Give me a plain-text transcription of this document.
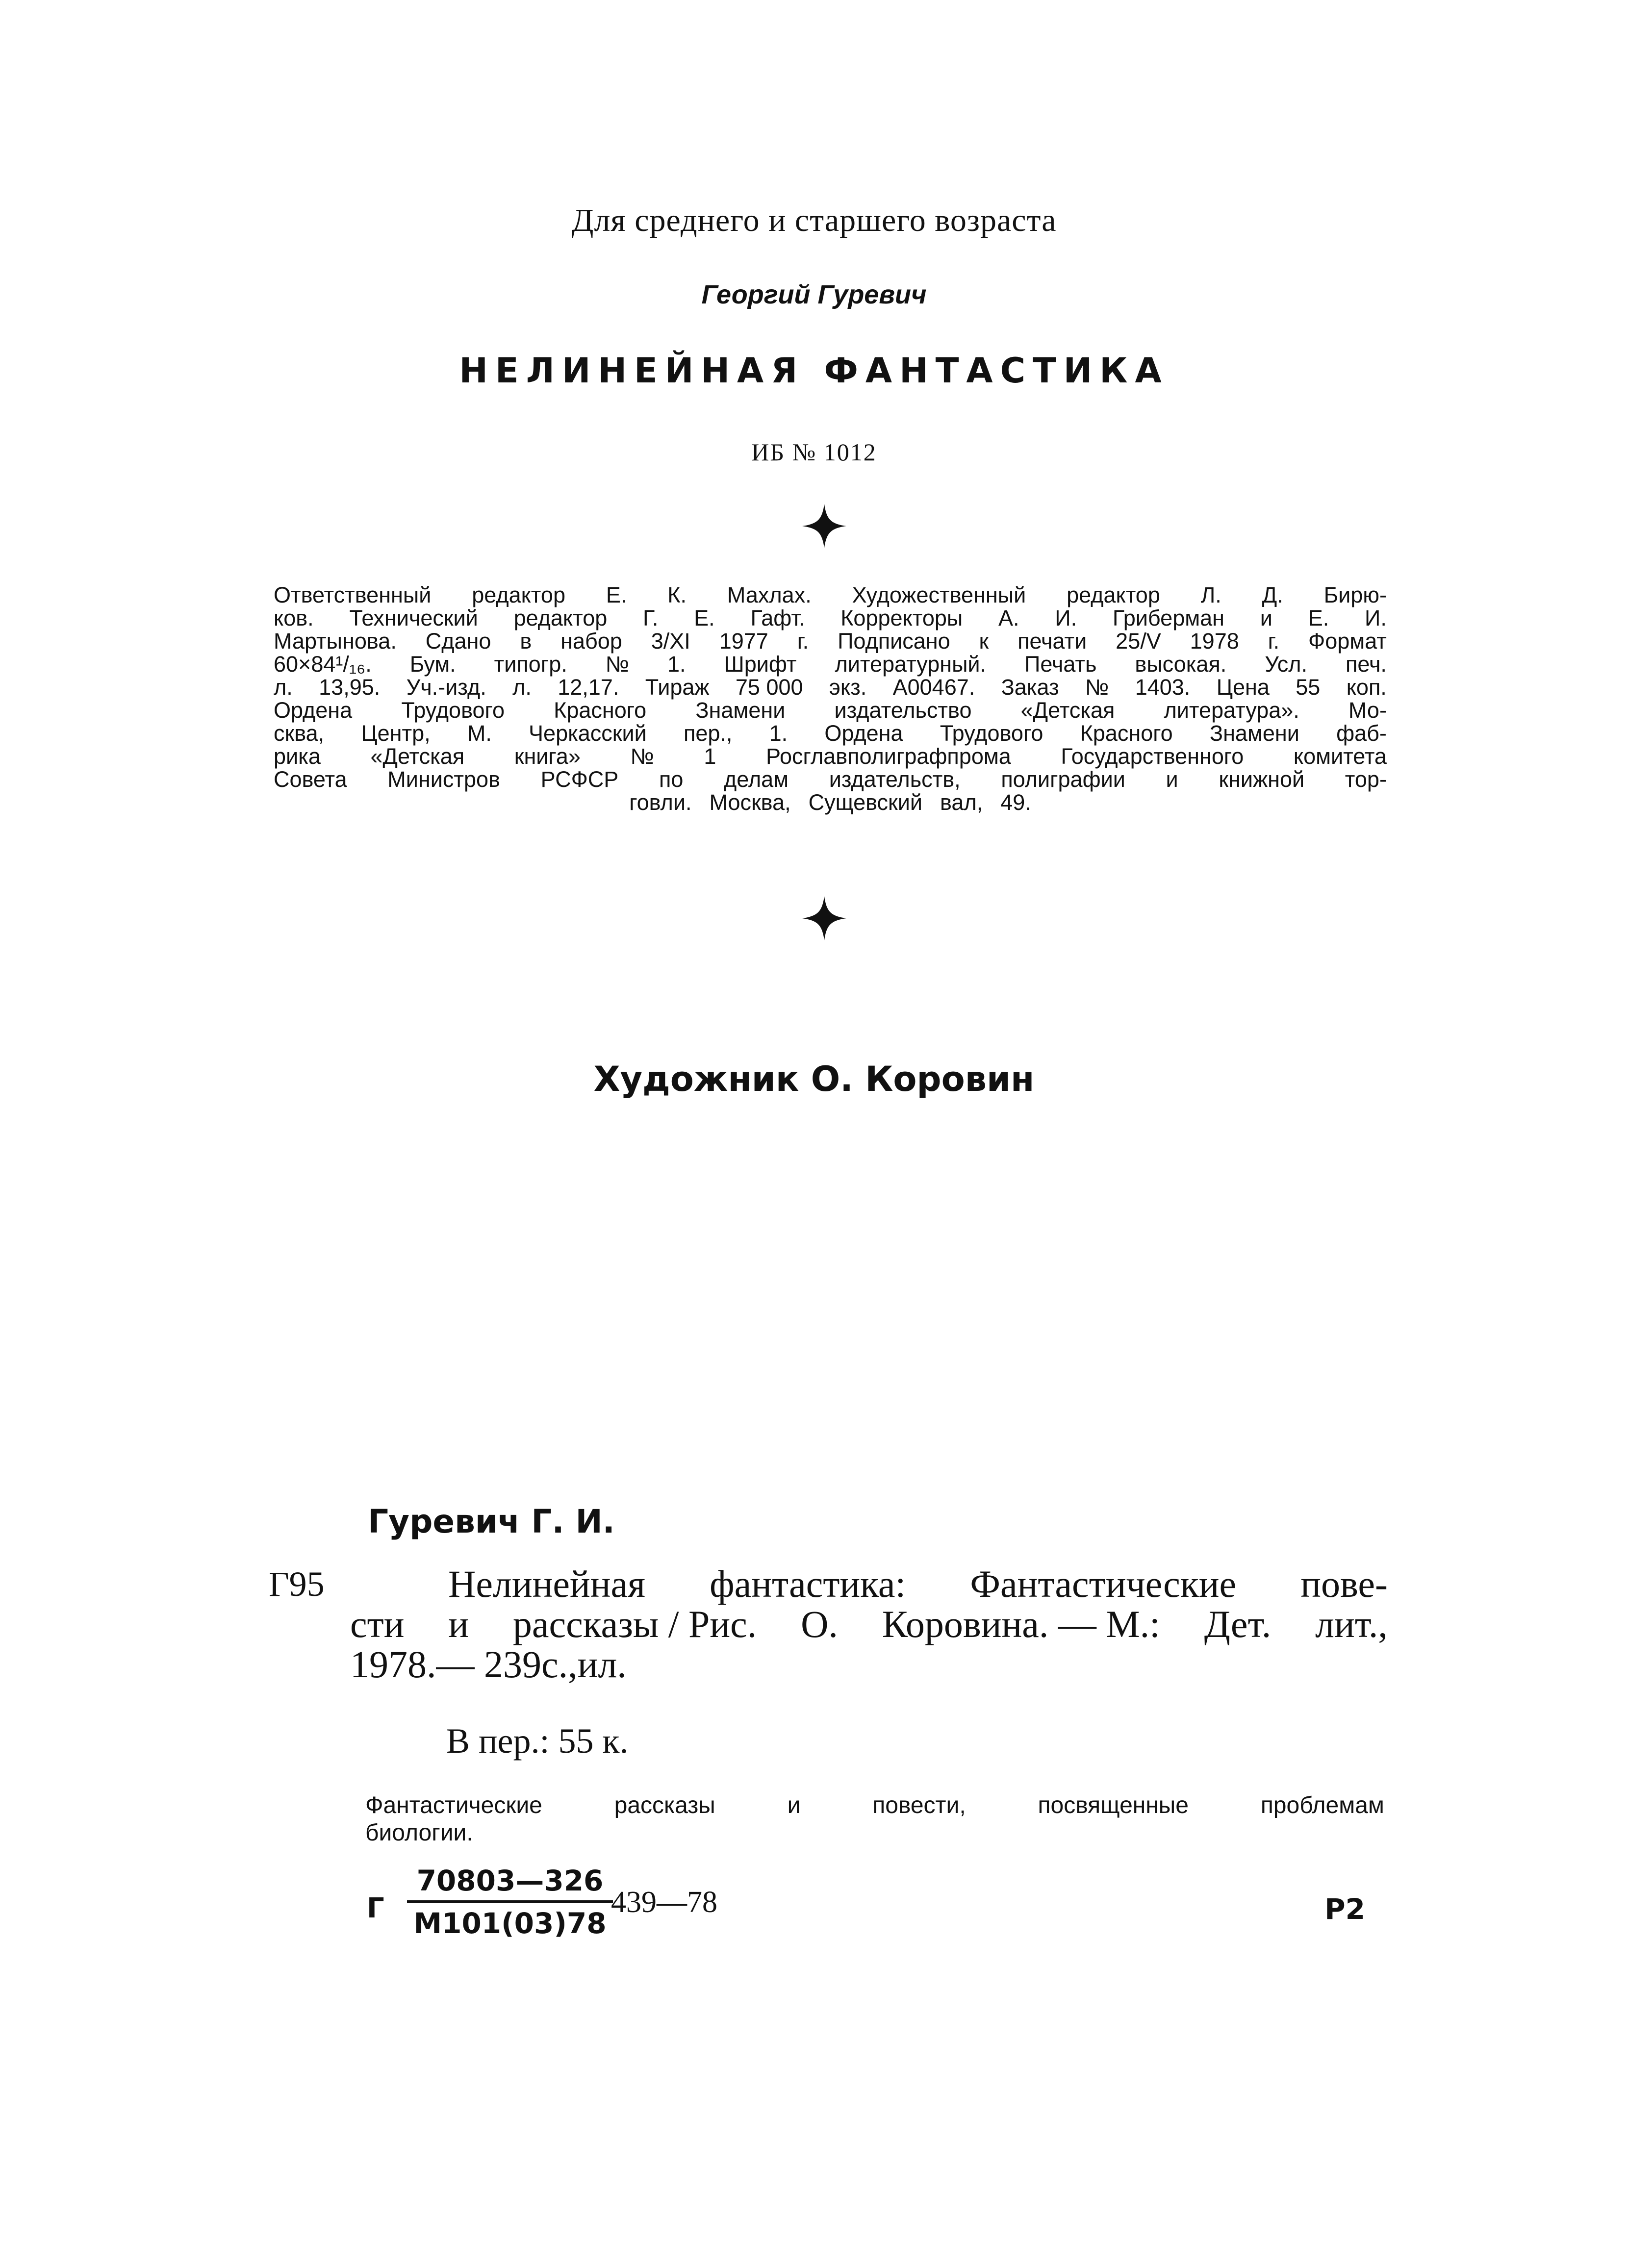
Для среднего и старшего возраста
Георгий Гуревич
НЕЛИНЕЙНАЯ ФАНТАСТИКА
ИБ № 1012
Ответственный редактор Е. К. Махлах. Художественный редактор Л. Д. Бирю-
ков. Технический редактор Г. Е. Гафт. Корректоры А. И. Гриберман и Е. И.
Мартынова. Сдано в набор 3/XI 1977 г. Подписано к печати 25/V 1978 г. Формат
60×84¹/₁₆. Бум. типогр. № 1. Шрифт литературный. Печать высокая. Усл. печ.
л. 13,95. Уч.-изд. л. 12,17. Тираж 75 000 экз. А00467. Заказ № 1403. Цена 55 коп.
Ордена Трудового Красного Знамени издательство «Детская литература». Мо-
сква, Центр, М. Черкасский пер., 1. Ордена Трудового Красного Знамени фаб-
рика «Детская книга» № 1 Росглавполиграфпрома Государственного комитета
Совета Министров РСФСР по делам издательств, полиграфии и книжной тор-
говли. Москва, Сущевский вал, 49.
Художник О. Коровин
Гуревич Г. И.
Г95	Нелинейная фантастика: Фантастические пове-
сти и рассказы / Рис. О. Коровина. — М.: Дет. лит.,
1978.— 239 с., ил.
В пер.: 55 к.
Фантастические	рассказы	и	повести,	посвященные	проблемам
биологии.
Г
70803—326
М101(03)78
439—78	Р2
